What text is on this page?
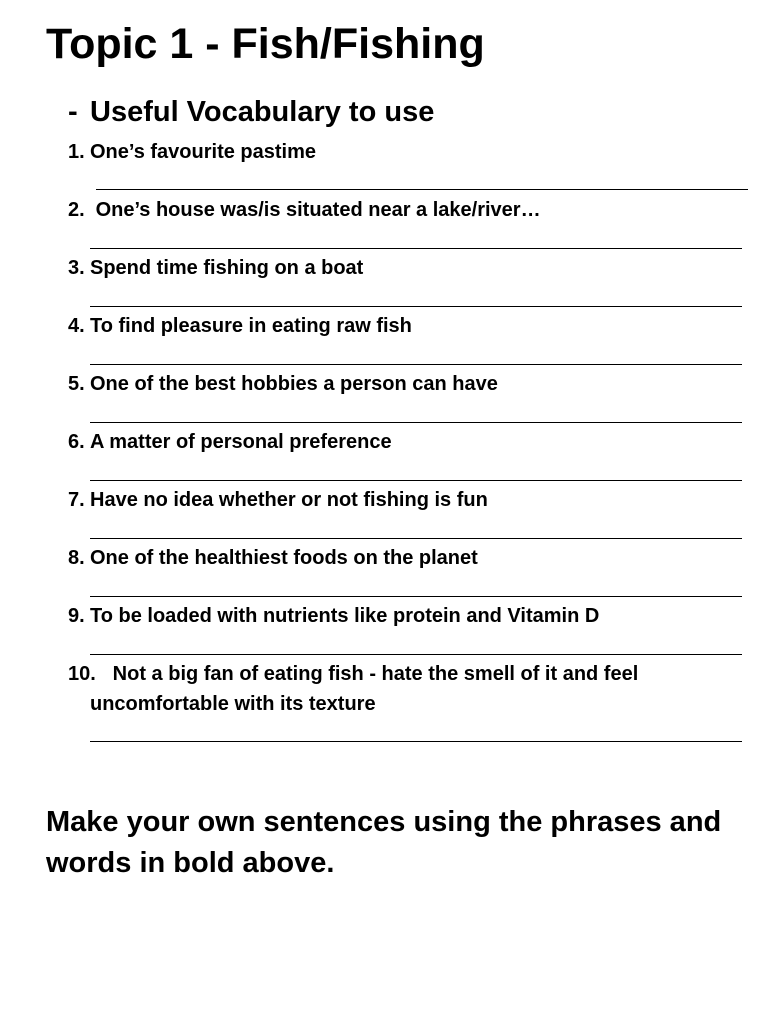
Topic 1 - Fish/Fishing
- Useful Vocabulary to use
1. One’s favourite pastime
2. One’s house was/is situated near a lake/river…
3. Spend time fishing on a boat
4. To find pleasure in eating raw fish
5. One of the best hobbies a person can have
6. A matter of personal preference
7. Have no idea whether or not fishing is fun
8. One of the healthiest foods on the planet
9. To be loaded with nutrients like protein and Vitamin D
10. Not a big fan of eating fish - hate the smell of it and feel
uncomfortable with its texture
Make your own sentences using the phrases and words in bold above.
